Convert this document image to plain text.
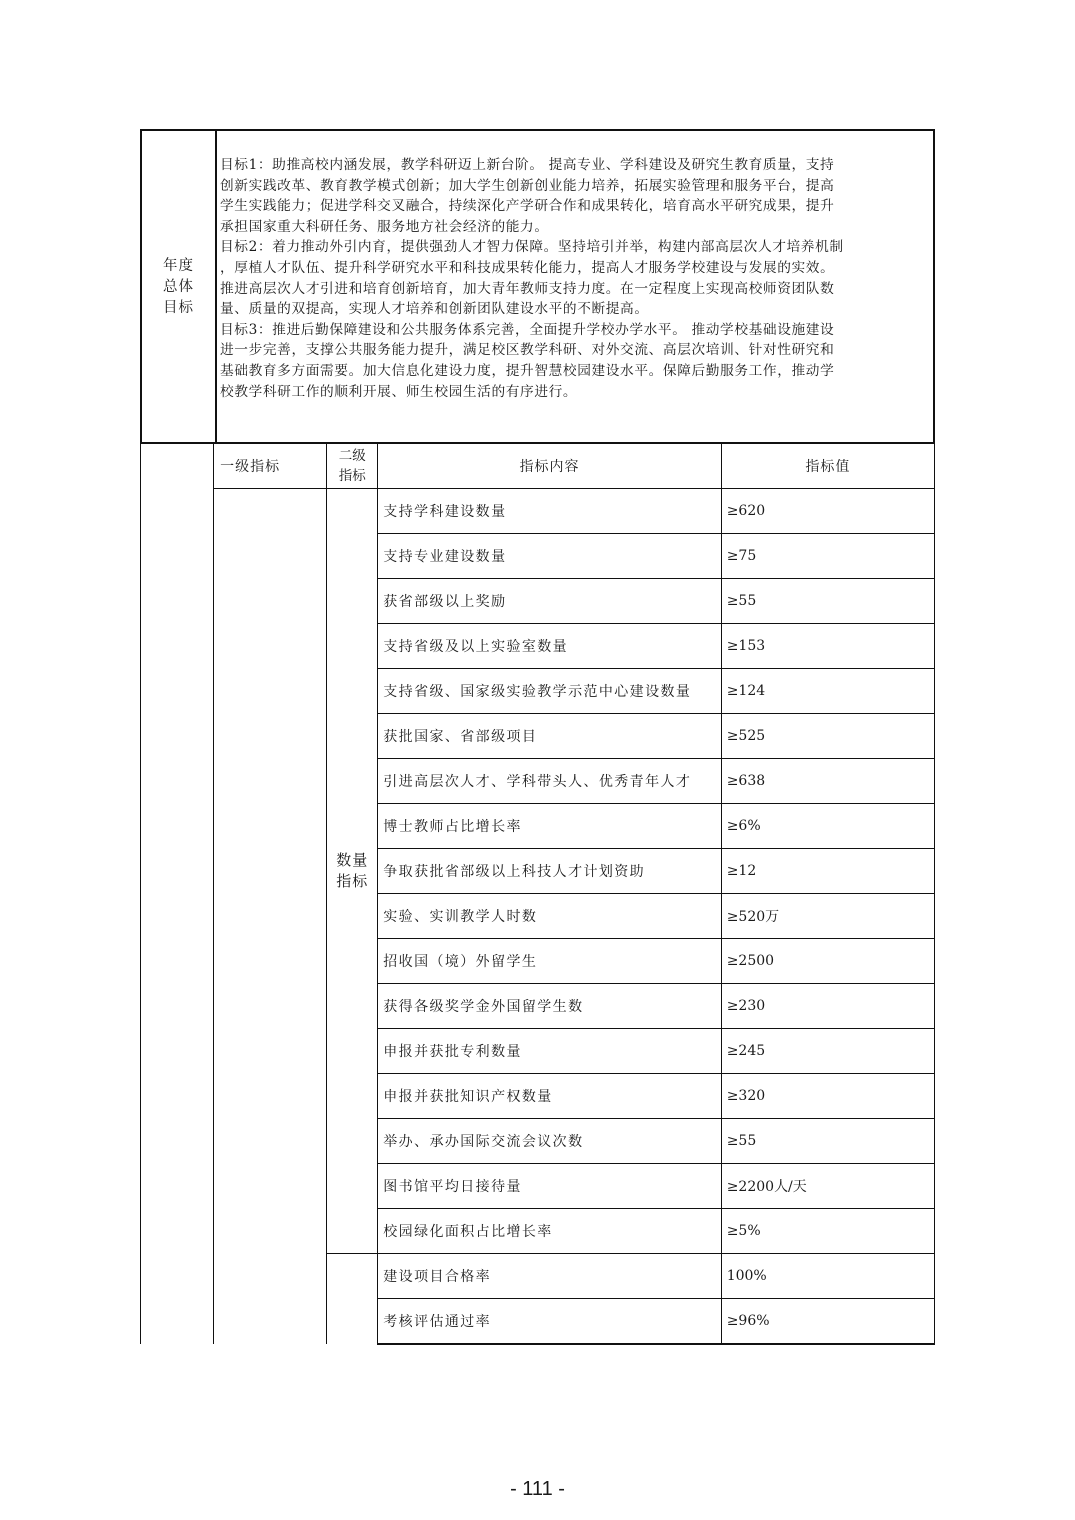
年度
总体
目标

目标1：助推高校内涵发展，教学科研迈上新台阶。 提高专业、学科建设及研究生教育质量，支持

创新实践改革、教育教学模式创新；加大学生创新创业能力培养，拓展实验管理和服务平台，提高

学生实践能力；促进学科交叉融合，持续深化产学研合作和成果转化，培育高水平研究成果，提升

承担国家重大科研任务、服务地方社会经济的能力。

目标2：着力推动外引内育，提供强劲人才智力保障。坚持培引并举，构建内部高层次人才培养机制

，厚植人才队伍、提升科学研究水平和科技成果转化能力，提高人才服务学校建设与发展的实效。

推进高层次人才引进和培育创新培育，加大青年教师支持力度。在一定程度上实现高校师资团队数

量、质量的双提高，实现人才培养和创新团队建设水平的不断提高。

目标3：推进后勤保障建设和公共服务体系完善，全面提升学校办学水平。 推动学校基础设施建设

进一步完善，支撑公共服务能力提升，满足校区教学科研、对外交流、高层次培训、针对性研究和

基础教育多方面需要。加大信息化建设力度，提升智慧校园建设水平。保障后勤服务工作，推动学

校教学科研工作的顺利开展、师生校园生活的有序进行。

	一级指标	二级
指标	指标内容	指标值

		数量
指标	支持学科建设数量	≥620
			支持专业建设数量	≥75
			获省部级以上奖励	≥55
			支持省级及以上实验室数量	≥153
			支持省级、国家级实验教学示范中心建设数量	≥124
			获批国家、省部级项目	≥525
			引进高层次人才、学科带头人、优秀青年人才	≥638
			博士教师占比增长率	≥6%
			争取获批省部级以上科技人才计划资助	≥12
			实验、实训教学人时数	≥520万
			招收国（境）外留学生	≥2500
			获得各级奖学金外国留学生数	≥230
			申报并获批专利数量	≥245
			申报并获批知识产权数量	≥320
			举办、承办国际交流会议次数	≥55
			图书馆平均日接待量	≥2200人/天
			校园绿化面积占比增长率	≥5%
			建设项目合格率	100%
			考核评估通过率	≥96%
- 111 -
